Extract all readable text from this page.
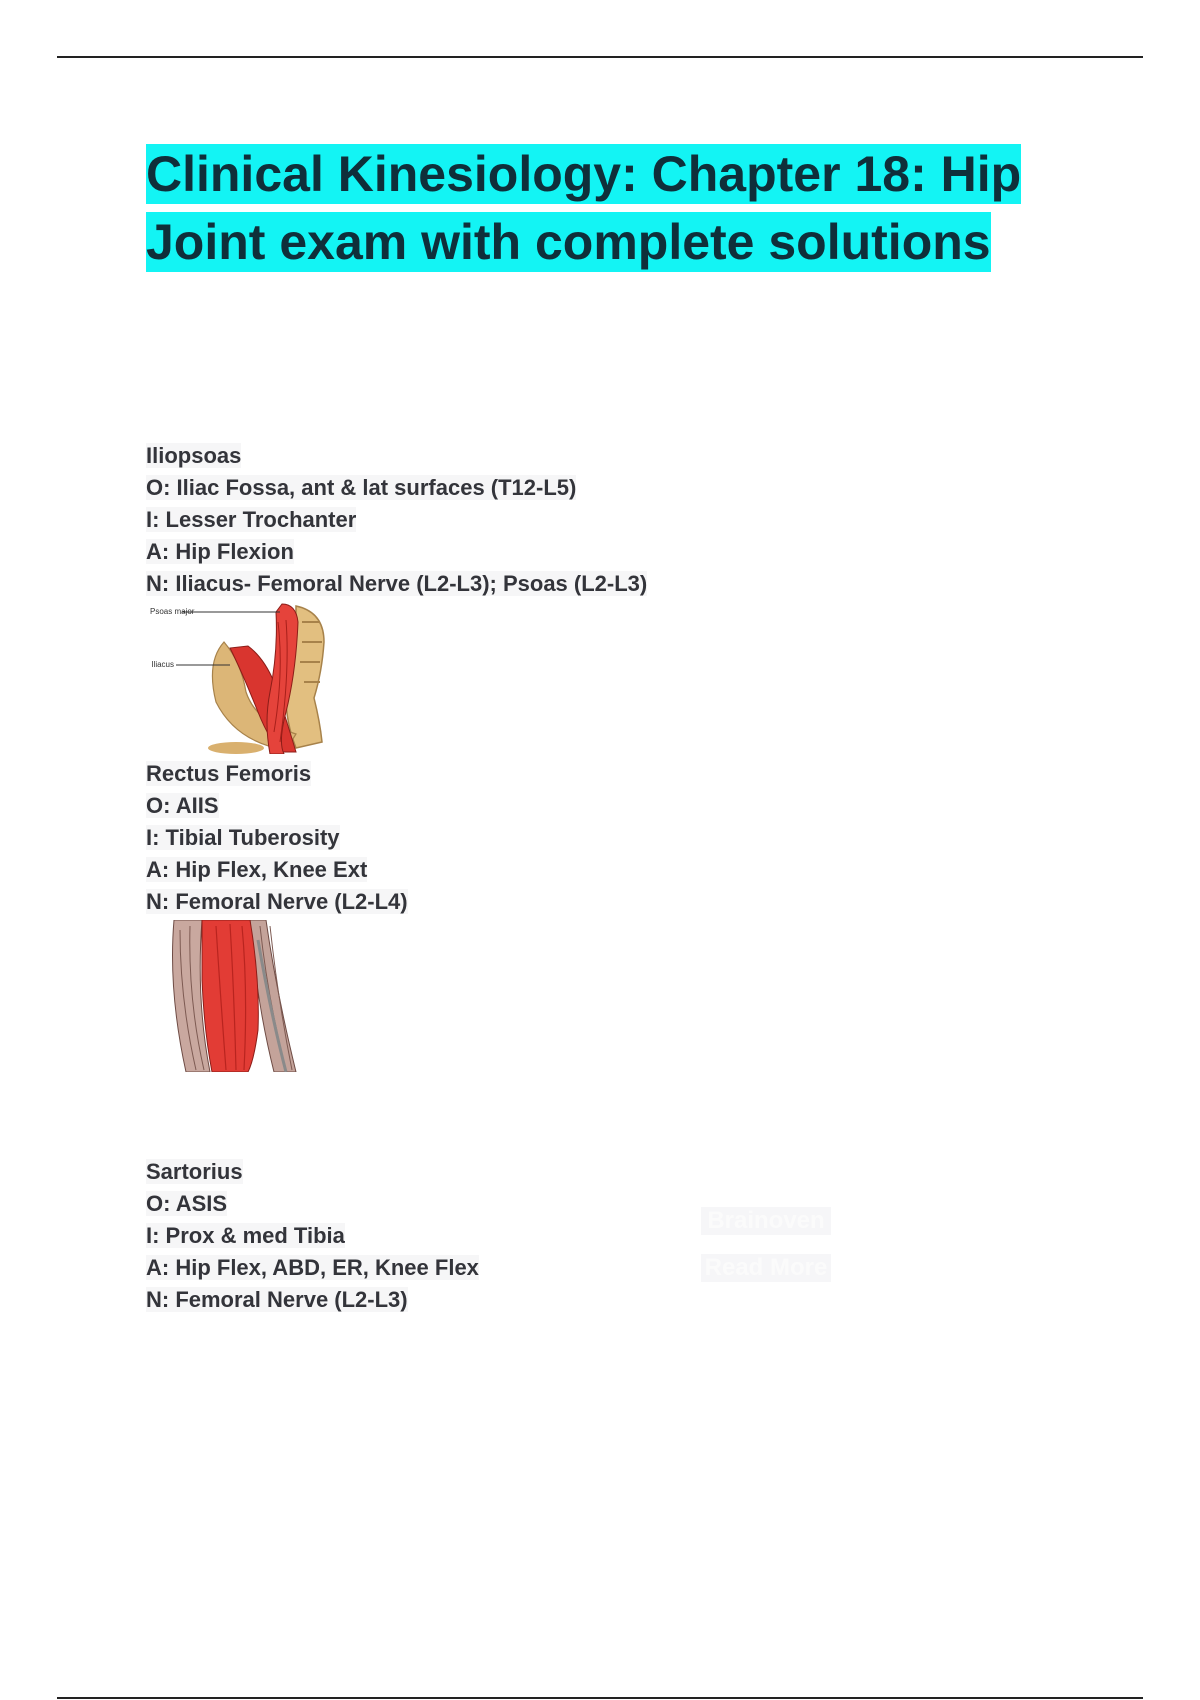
Clinical Kinesiology: Chapter 18: Hip Joint exam with complete solutions

Iliopsoas

O: Iliac Fossa, ant & lat surfaces (T12-L5)

I: Lesser Trochanter

A: Hip Flexion

N: Iliacus- Femoral Nerve (L2-L3); Psoas (L2-L3)

Psoas major
Iliacus

Rectus Femoris

O: AIIS

I: Tibial Tuberosity

A: Hip Flex, Knee Ext

N: Femoral Nerve (L2-L4)

Brainoven
Read More

Sartorius

O: ASIS

I: Prox & med Tibia

A: Hip Flex, ABD, ER, Knee Flex

N: Femoral Nerve (L2-L3)
